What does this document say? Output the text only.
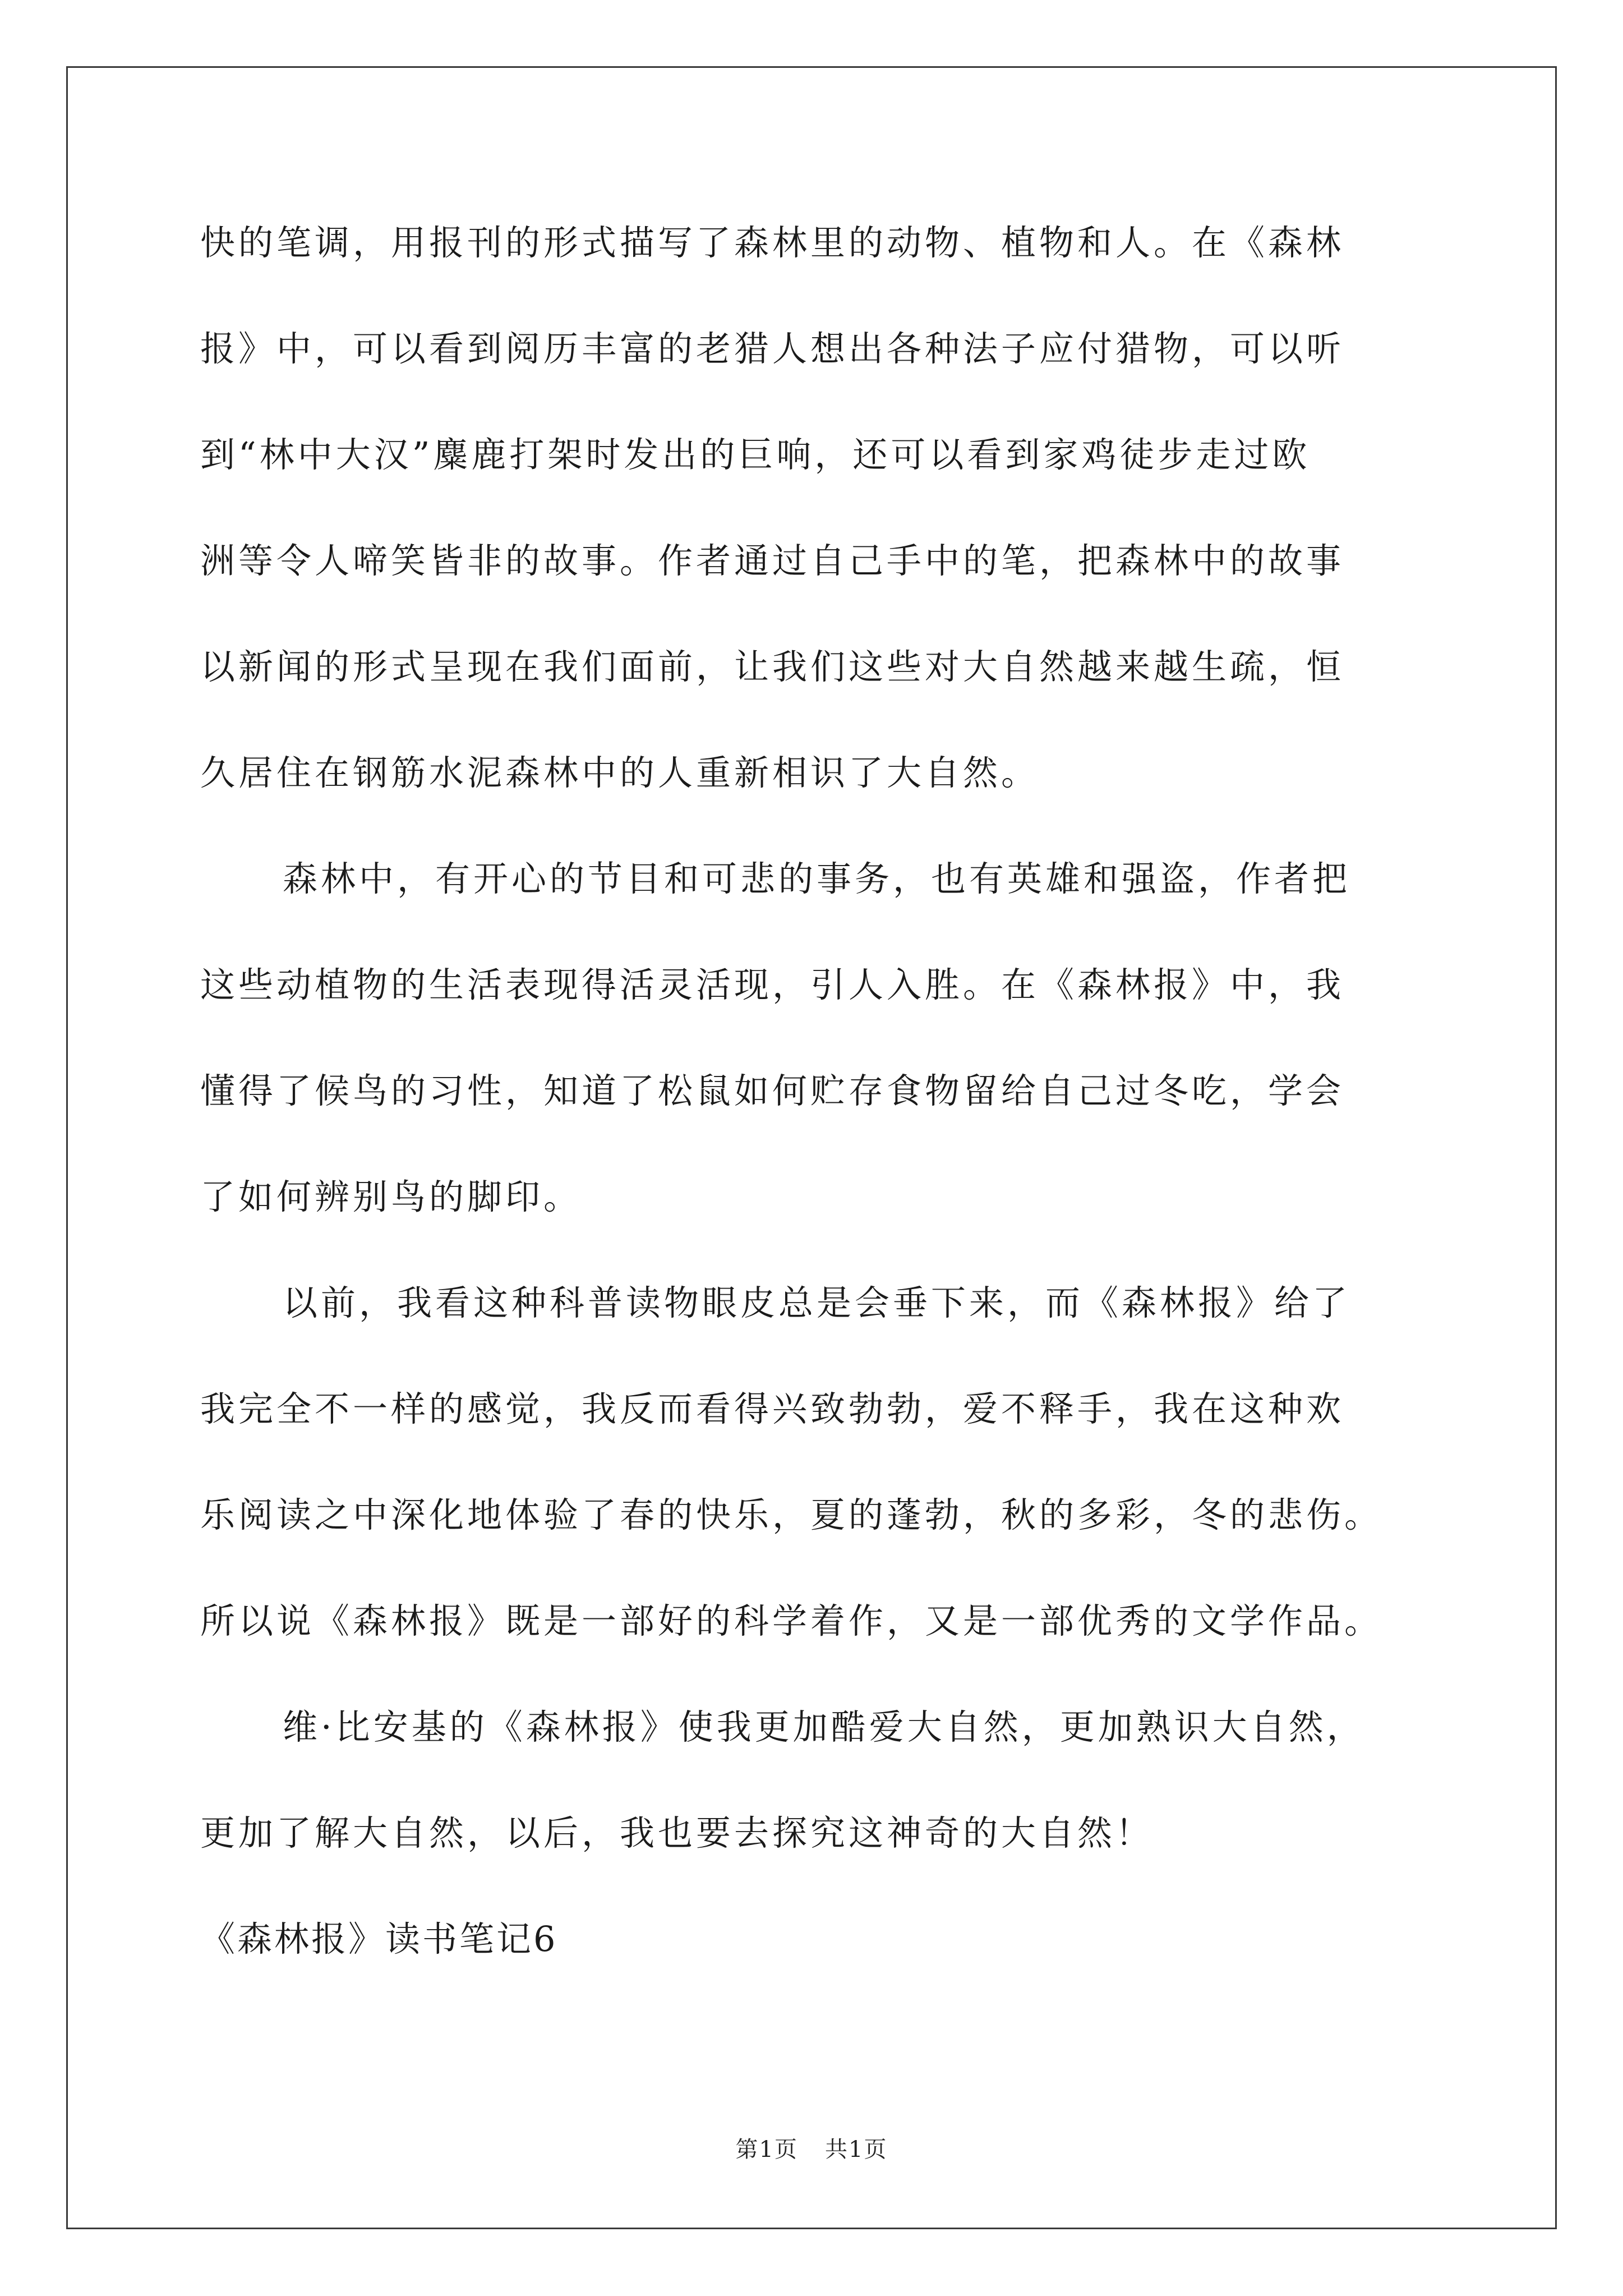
快的笔调，用报刊的形式描写了森林里的动物、植物和人。在《森林
报》中，可以看到阅历丰富的老猎人想出各种法子应付猎物，可以听
到“林中大汉”麋鹿打架时发出的巨响，还可以看到家鸡徒步走过欧
洲等令人啼笑皆非的故事。作者通过自己手中的笔，把森林中的故事
以新闻的形式呈现在我们面前，让我们这些对大自然越来越生疏，恒
久居住在钢筋水泥森林中的人重新相识了大自然。
森林中，有开心的节目和可悲的事务，也有英雄和强盗，作者把
这些动植物的生活表现得活灵活现，引人入胜。在《森林报》中，我
懂得了候鸟的习性，知道了松鼠如何贮存食物留给自己过冬吃，学会
了如何辨别鸟的脚印。
以前，我看这种科普读物眼皮总是会垂下来，而《森林报》给了
我完全不一样的感觉，我反而看得兴致勃勃，爱不释手，我在这种欢
乐阅读之中深化地体验了春的快乐，夏的蓬勃，秋的多彩，冬的悲伤。
所以说《森林报》既是一部好的科学着作，又是一部优秀的文学作品。
维·比安基的《森林报》使我更加酷爱大自然，更加熟识大自然，
更加了解大自然，以后，我也要去探究这神奇的大自然！
《森林报》读书笔记6
第1页 共1页
